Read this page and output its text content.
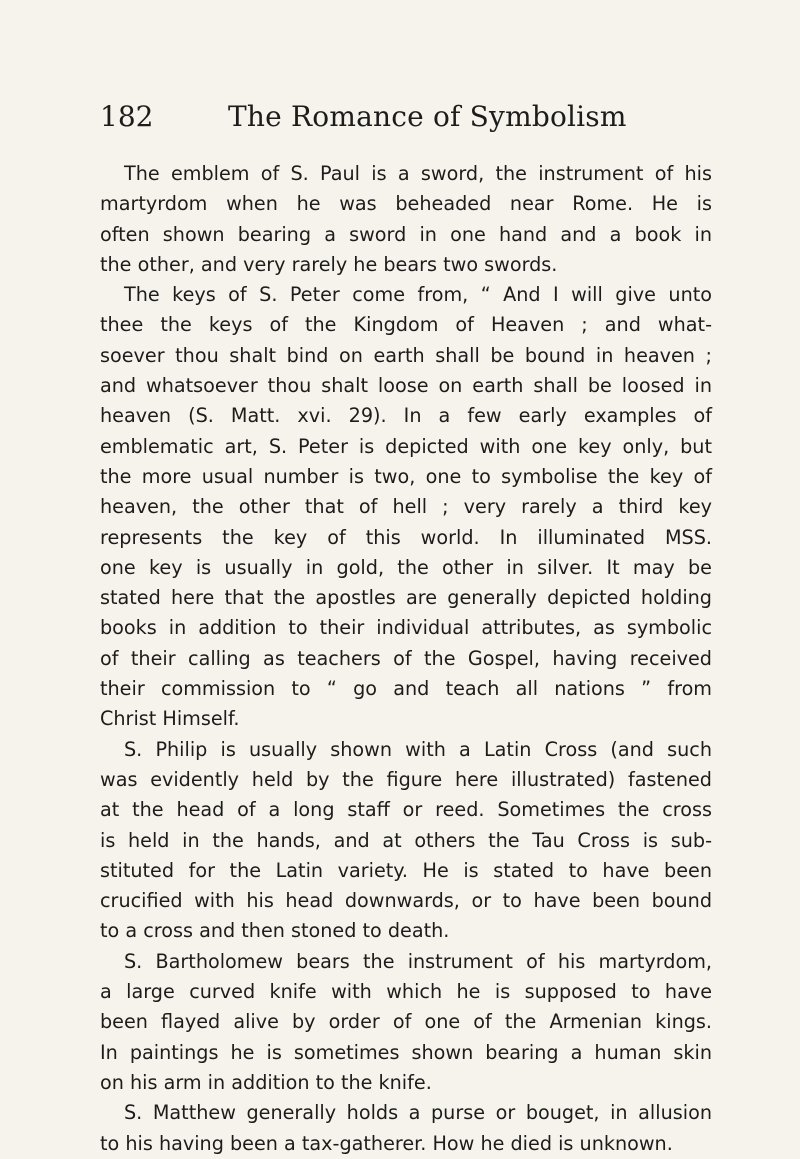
182	The Romance of Symbolism
The emblem of S. Paul is a sword, the instrument of his
martyrdom when he was beheaded near Rome. He is
often shown bearing a sword in one hand and a book in
the other, and very rarely he bears two swords.
The keys of S. Peter come from, “ And I will give unto
thee the keys of the Kingdom of Heaven ; and what-
soever thou shalt bind on earth shall be bound in heaven ;
and whatsoever thou shalt loose on earth shall be loosed in
heaven (S. Matt. xvi. 29). In a few early examples of
emblematic art, S. Peter is depicted with one key only, but
the more usual number is two, one to symbolise the key of
heaven, the other that of hell ; very rarely a third key
represents the key of this world. In illuminated MSS.
one key is usually in gold, the other in silver. It may be
stated here that the apostles are generally depicted holding
books in addition to their individual attributes, as symbolic
of their calling as teachers of the Gospel, having received
their commission to “ go and teach all nations ” from
Christ Himself.
S. Philip is usually shown with a Latin Cross (and such
was evidently held by the figure here illustrated) fastened
at the head of a long staff or reed. Sometimes the cross
is held in the hands, and at others the Tau Cross is sub-
stituted for the Latin variety. He is stated to have been
crucified with his head downwards, or to have been bound
to a cross and then stoned to death.
S. Bartholomew bears the instrument of his martyrdom,
a large curved knife with which he is supposed to have
been flayed alive by order of one of the Armenian kings.
In paintings he is sometimes shown bearing a human skin
on his arm in addition to the knife.
S. Matthew generally holds a purse or bouget, in allusion
to his having been a tax-gatherer. How he died is unknown.
